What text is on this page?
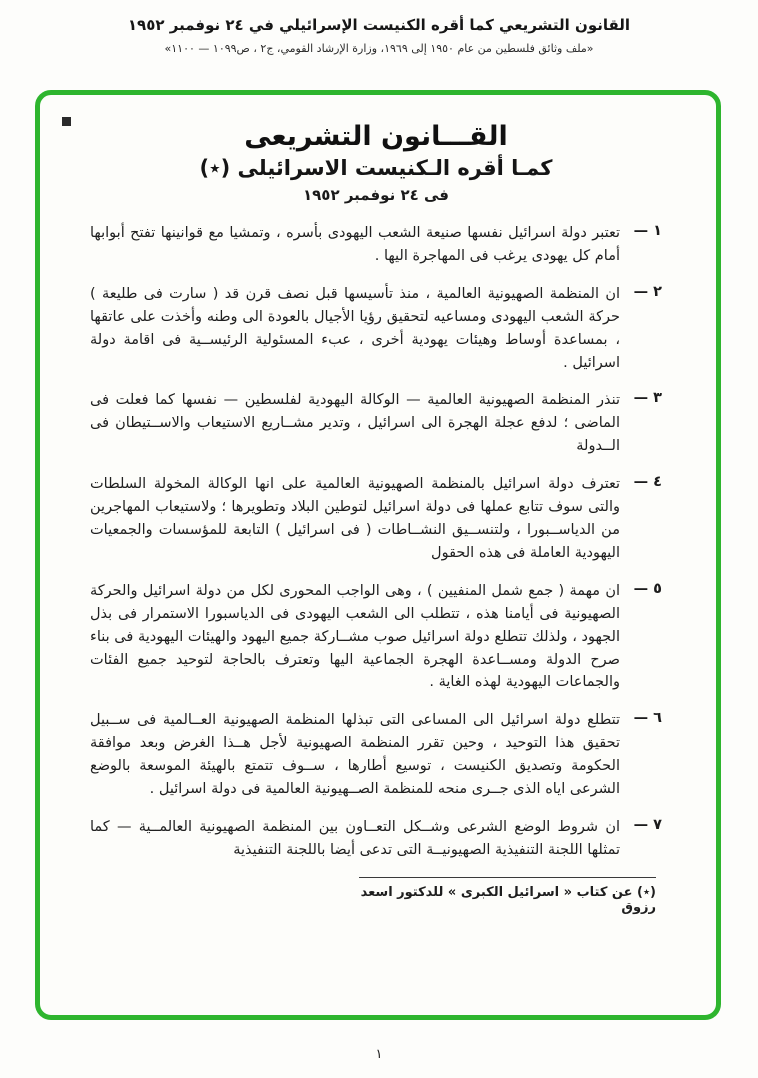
القانون التشريعي كما أقره الكنيست الإسرائيلي في ٢٤ نوفمبر ١٩٥٢
«ملف وثائق فلسطين من عام ١٩٥٠ إلى ١٩٦٩، وزارة الإرشاد القومي، ج٢ ، ص١٠٩٩ — ١١٠٠»
القـــانون التشريعى
كمـا أقره الـكنيست الاسرائيلى (٭)
فى ٢٤ نوفمبر ١٩٥٢
١ —

تعتبر دولة اسرائيل نفسها صنيعة الشعب اليهودى بأسره ، وتمشيا مع قوانينها تفتح أبوابها أمام كل يهودى يرغب فى المهاجرة اليها .

٢ —

ان المنظمة الصهيونية العالمية ، منذ تأسيسها قبل نصف قرن قد ( سارت فى طليعة ) حركة الشعب اليهودى ومساعيه لتحقيق رؤيا الأجيال بالعودة الى وطنه وأخذت على عاتقها ، بمساعدة أوساط وهيئات يهودية أخرى ، عبء المسئولية الرئيســية فى اقامة دولة اسرائيل .

٣ —

تنذر المنظمة الصهيونية العالمية — الوكالة اليهودية لفلسطين — نفسها كما فعلت فى الماضى ؛ لدفع عجلة الهجرة الى اسرائيل ، وتدير مشــاريع الاستيعاب والاســتيطان فى الــدولة

٤ —

تعترف دولة اسرائيل بالمنظمة الصهيونية العالمية على انها الوكالة المخولة السلطات والتى سوف تتابع عملها فى دولة اسرائيل لتوطين البلاد وتطويرها ؛ ولاستيعاب المهاجرين من الدياســبورا ، ولتنســيق النشــاطات ( فى اسرائيل ) التابعة للمؤسسات والجمعيات اليهودية العاملة فى هذه الحقول

٥ —

ان مهمة ( جمع شمل المنفيين ) ، وهى الواجب المحورى لكل من دولة اسرائيل والحركة الصهيونية فى أيامنا هذه ، تتطلب الى الشعب اليهودى فى الدياسبورا الاستمرار فى بذل الجهود ، ولذلك تتطلع دولة اسرائيل صوب مشــاركة جميع اليهود والهيئات اليهودية فى بناء صرح الدولة ومســاعدة الهجرة الجماعية اليها وتعترف بالحاجة لتوحيد جميع الفئات والجماعات اليهودية لهذه الغاية .

٦ —

تتطلع دولة اسرائيل الى المساعى التى تبذلها المنظمة الصهيونية العــالمية فى ســبيل تحقيق هذا التوحيد ، وحين تقرر المنظمة الصهيونية لأجل هــذا الغرض وبعد موافقة الحكومة وتصديق الكنيست ، توسيع أطارها ، ســوف تتمتع بالهيئة الموسعة بالوضع الشرعى اياه الذى جــرى منحه للمنظمة الصــهيونية العالمية فى دولة اسرائيل .

٧ —

ان شروط الوضع الشرعى وشــكل التعــاون بين المنظمة الصهيونية العالمــية — كما تمثلها اللجنة التنفيذية الصهيونيــة التى تدعى أيضا باللجنة التنفيذية

(٭) عن كتاب « اسرائيل الكبرى » للدكتور اسعد رزوق
١
